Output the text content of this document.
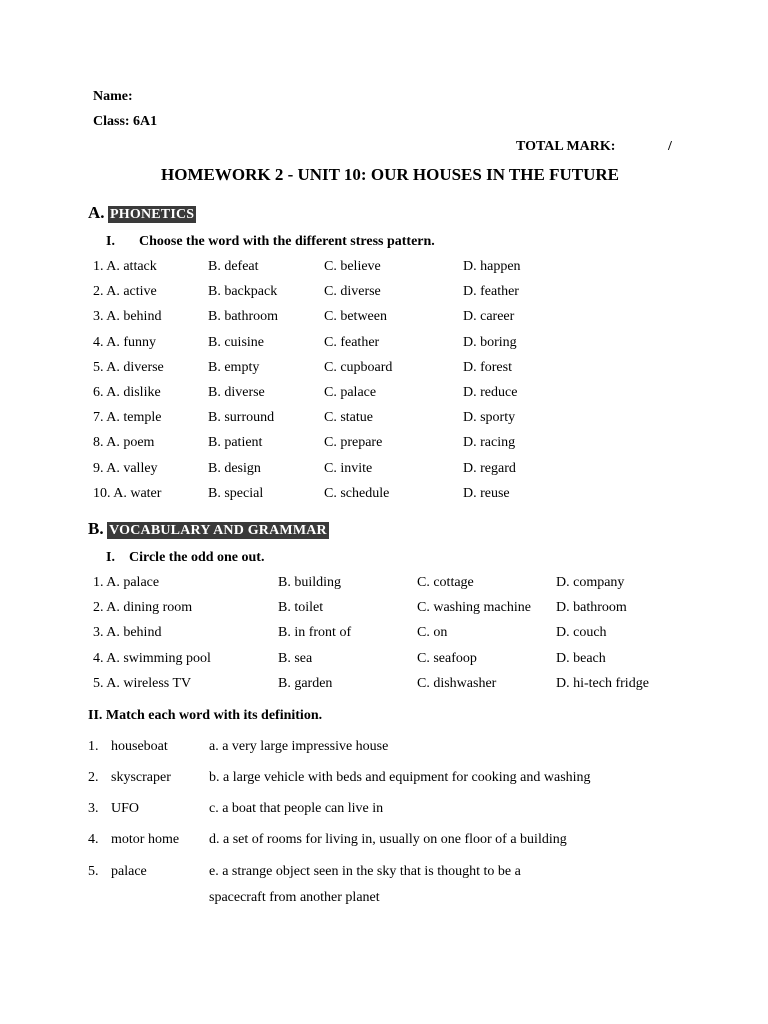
Name:
Class: 6A1
TOTAL MARK:	/
HOMEWORK 2 - UNIT 10: OUR HOUSES IN THE FUTURE
A. PHONETICS
I. Choose the word with the different stress pattern.
1. A. attack	B. defeat	C. believe	D. happen
2. A. active	B. backpack	C. diverse	D. feather
3. A. behind	B. bathroom	C. between	D. career
4. A. funny	B. cuisine	C. feather	D. boring
5. A. diverse	B. empty	C. cupboard	D. forest
6. A. dislike	B. diverse	C. palace	D. reduce
7. A. temple	B. surround	C. statue	D. sporty
8. A. poem	B. patient	C. prepare	D. racing
9. A. valley	B. design	C. invite	D. regard
10. A. water	B. special	C. schedule	D. reuse
B. VOCABULARY AND GRAMMAR
I. Circle the odd one out.
1. A. palace	B. building	C. cottage	D. company
2. A. dining room	B. toilet	C. washing machine D. bathroom
3. A. behind	B. in front of	C. on	D. couch
4. A. swimming pool	B. sea	C. seafoop	D. beach
5. A. wireless TV	B. garden	C. dishwasher	D. hi-tech fridge
II. Match each word with its definition.
1. houseboat	a. a very large impressive house
2. skyscraper	b. a large vehicle with beds and equipment for cooking and washing
3. UFO	c. a boat that people can live in
4. motor home d. a set of rooms for living in, usually on one floor of a building
5. palace	e. a strange object seen in the sky that is thought to be a
spacecraft from another planet
